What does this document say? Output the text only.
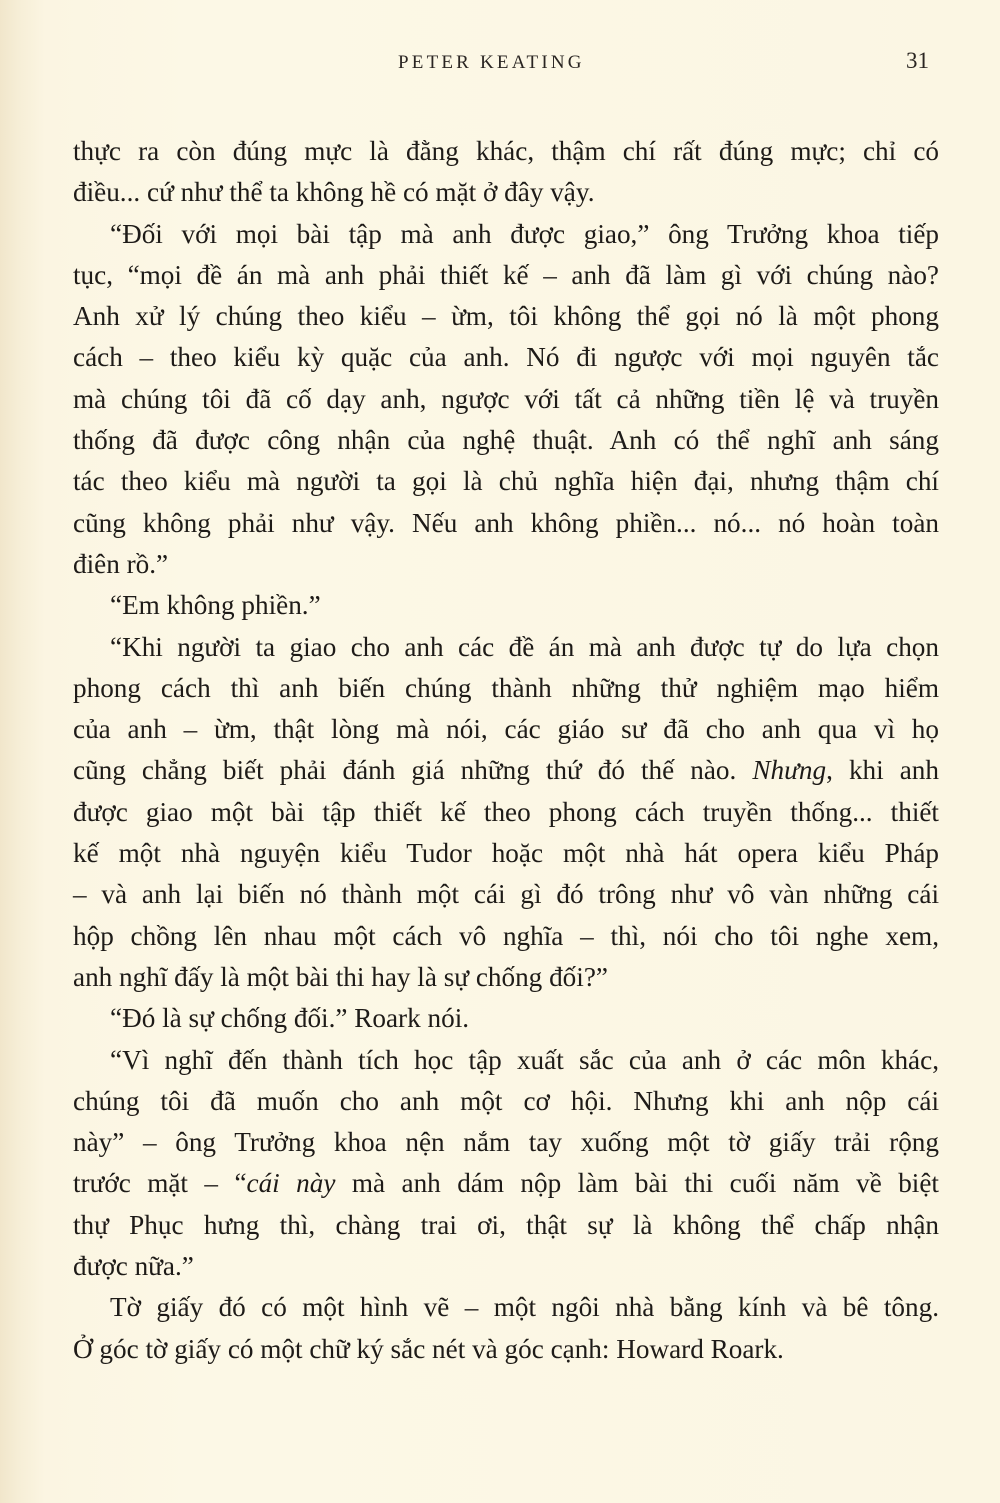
PETER KEATING	31

thực ra còn đúng mực là đằng khác, thậm chí rất đúng mực; chỉ có
điều... cứ như thể ta không hề có mặt ở đây vậy.

“Đối với mọi bài tập mà anh được giao,” ông Trưởng khoa tiếp
tục, “mọi đề án mà anh phải thiết kế – anh đã làm gì với chúng nào?
Anh xử lý chúng theo kiểu – ừm, tôi không thể gọi nó là một phong
cách – theo kiểu kỳ quặc của anh. Nó đi ngược với mọi nguyên tắc
mà chúng tôi đã cố dạy anh, ngược với tất cả những tiền lệ và truyền
thống đã được công nhận của nghệ thuật. Anh có thể nghĩ anh sáng
tác theo kiểu mà người ta gọi là chủ nghĩa hiện đại, nhưng thậm chí
cũng không phải như vậy. Nếu anh không phiền... nó... nó hoàn toàn
điên rồ.”

“Em không phiền.”

“Khi người ta giao cho anh các đề án mà anh được tự do lựa chọn
phong cách thì anh biến chúng thành những thử nghiệm mạo hiểm
của anh – ừm, thật lòng mà nói, các giáo sư đã cho anh qua vì họ
cũng chẳng biết phải đánh giá những thứ đó thế nào. Nhưng, khi anh
được giao một bài tập thiết kế theo phong cách truyền thống... thiết
kế một nhà nguyện kiểu Tudor hoặc một nhà hát opera kiểu Pháp
– và anh lại biến nó thành một cái gì đó trông như vô vàn những cái
hộp chồng lên nhau một cách vô nghĩa – thì, nói cho tôi nghe xem,
anh nghĩ đấy là một bài thi hay là sự chống đối?”

“Đó là sự chống đối.” Roark nói.

“Vì nghĩ đến thành tích học tập xuất sắc của anh ở các môn khác,
chúng tôi đã muốn cho anh một cơ hội. Nhưng khi anh nộp cái
này” – ông Trưởng khoa nện nắm tay xuống một tờ giấy trải rộng
trước mặt – “cái này mà anh dám nộp làm bài thi cuối năm về biệt
thự Phục hưng thì, chàng trai ơi, thật sự là không thể chấp nhận
được nữa.”

Tờ giấy đó có một hình vẽ – một ngôi nhà bằng kính và bê tông.
Ở góc tờ giấy có một chữ ký sắc nét và góc cạnh: Howard Roark.
